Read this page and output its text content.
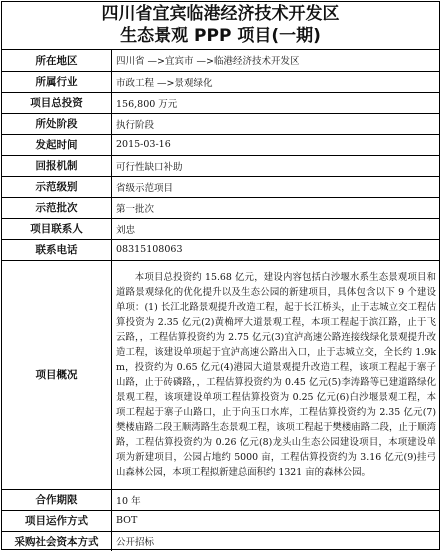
四川省宜宾临港经济技术开发区
生态景观 PPP 项目(一期)
所在地区	四川省 —>宜宾市 —>临港经济技术开发区
所属行业	市政工程 —>景观绿化
项目总投资	156,800 万元
所处阶段	执行阶段
发起时间	2015-03-16
回报机制	可行性缺口补助
示范级别	省级示范项目
示范批次	第一批次
项目联系人	刘忠
联系电话	08315108063
项目概况	本项目总投资约 15.68 亿元，建设内容包括白沙堰水系生态景观项目和道路景观绿化的优化提升以及生态公园的新建项目，具体包含以下 9 个建设单项：(1) 长江北路景观提升改造工程，起于长江桥头，止于志城立交工程估算投资为 2.35 亿元(2)黄桷坪大道景观工程，本项工程起于滨江路，止于飞云路，，工程估算投资约为 2.75 亿元(3)宜泸高速公路连接线绿化景观提升改造工程，该建设单项起于宜泸高速公路出入口，止于志城立交，全长约 1.9km，投资约为 0.65 亿元(4)港园大道景观提升改造工程，该项工程起于寨子山路，止于砖磷路，，工程估算投资约为 0.45 亿元(5)李涛路等已建道路绿化景观工程，该项建设单项工程估算投资为 0.25 亿元(6)白沙堰景观工程，本项工程起于寨子山路口，止于向玉口水库，工程估算投资约为 2.35 亿元(7)樊楼庙路二段王顺湾路生态景观工程，该项工程起于樊楼庙路二段，止于顺湾路，工程估算投资约为 0.26 亿元(8)龙头山生态公园建设项目，本项建设单项为新建项目，公园占地约 5000 亩，工程估算投资约为 3.16 亿元(9)挂弓山森林公园，本项工程拟新建总面积约 1321 亩的森林公园。
合作期限	10 年
项目运作方式	BOT
采购社会资本方式	公开招标
